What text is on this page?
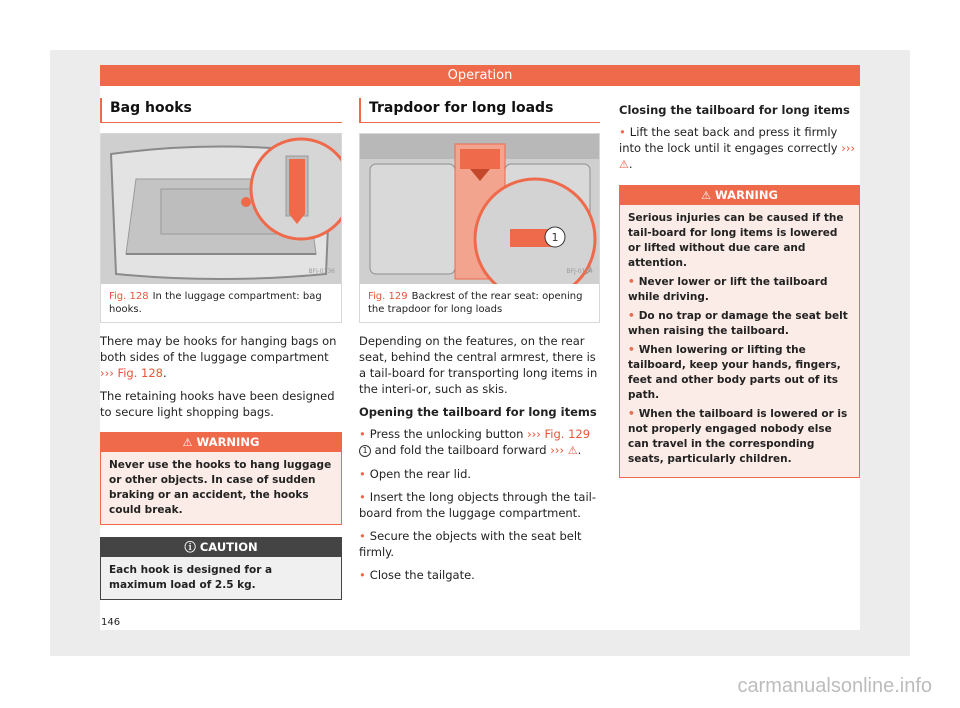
Operation
Bag hooks
BFJ-0136
Fig. 128 In the luggage compartment: bag hooks.

There may be hooks for hanging bags on both sides of the luggage compartment ››› Fig. 128.

The retaining hooks have been designed to secure light shopping bags.

⚠ WARNING
Never use the hooks to hang luggage or other objects. In case of sudden braking or an accident, the hooks could break.
ⓘ CAUTION
Each hook is designed for a maximum load of 2.5 kg.
Trapdoor for long loads
1
BFJ-0104
Fig. 129 Backrest of the rear seat: opening the trapdoor for long loads

Depending on the features, on the rear seat, behind the central armrest, there is a tail-board for transporting long items in the interi-or, such as skis.

Opening the tailboard for long items
• Press the unlocking button ››› Fig. 129 1 and fold the tailboard forward ››› ⚠.
• Open the rear lid.
• Insert the long objects through the tail-board from the luggage compartment.
• Secure the objects with the seat belt firmly.
• Close the tailgate.
Closing the tailboard for long items
• Lift the seat back and press it firmly into the lock until it engages correctly ››› ⚠.
⚠ WARNING
Serious injuries can be caused if the tail-board for long items is lowered or lifted without due care and attention.
• Never lower or lift the tailboard while driving.
• Do no trap or damage the seat belt when raising the tailboard.
• When lowering or lifting the tailboard, keep your hands, fingers, feet and other body parts out of its path.
• When the tailboard is lowered or is not properly engaged nobody else can travel in the corresponding seats, particularly children.
146
carmanualsonline.info
